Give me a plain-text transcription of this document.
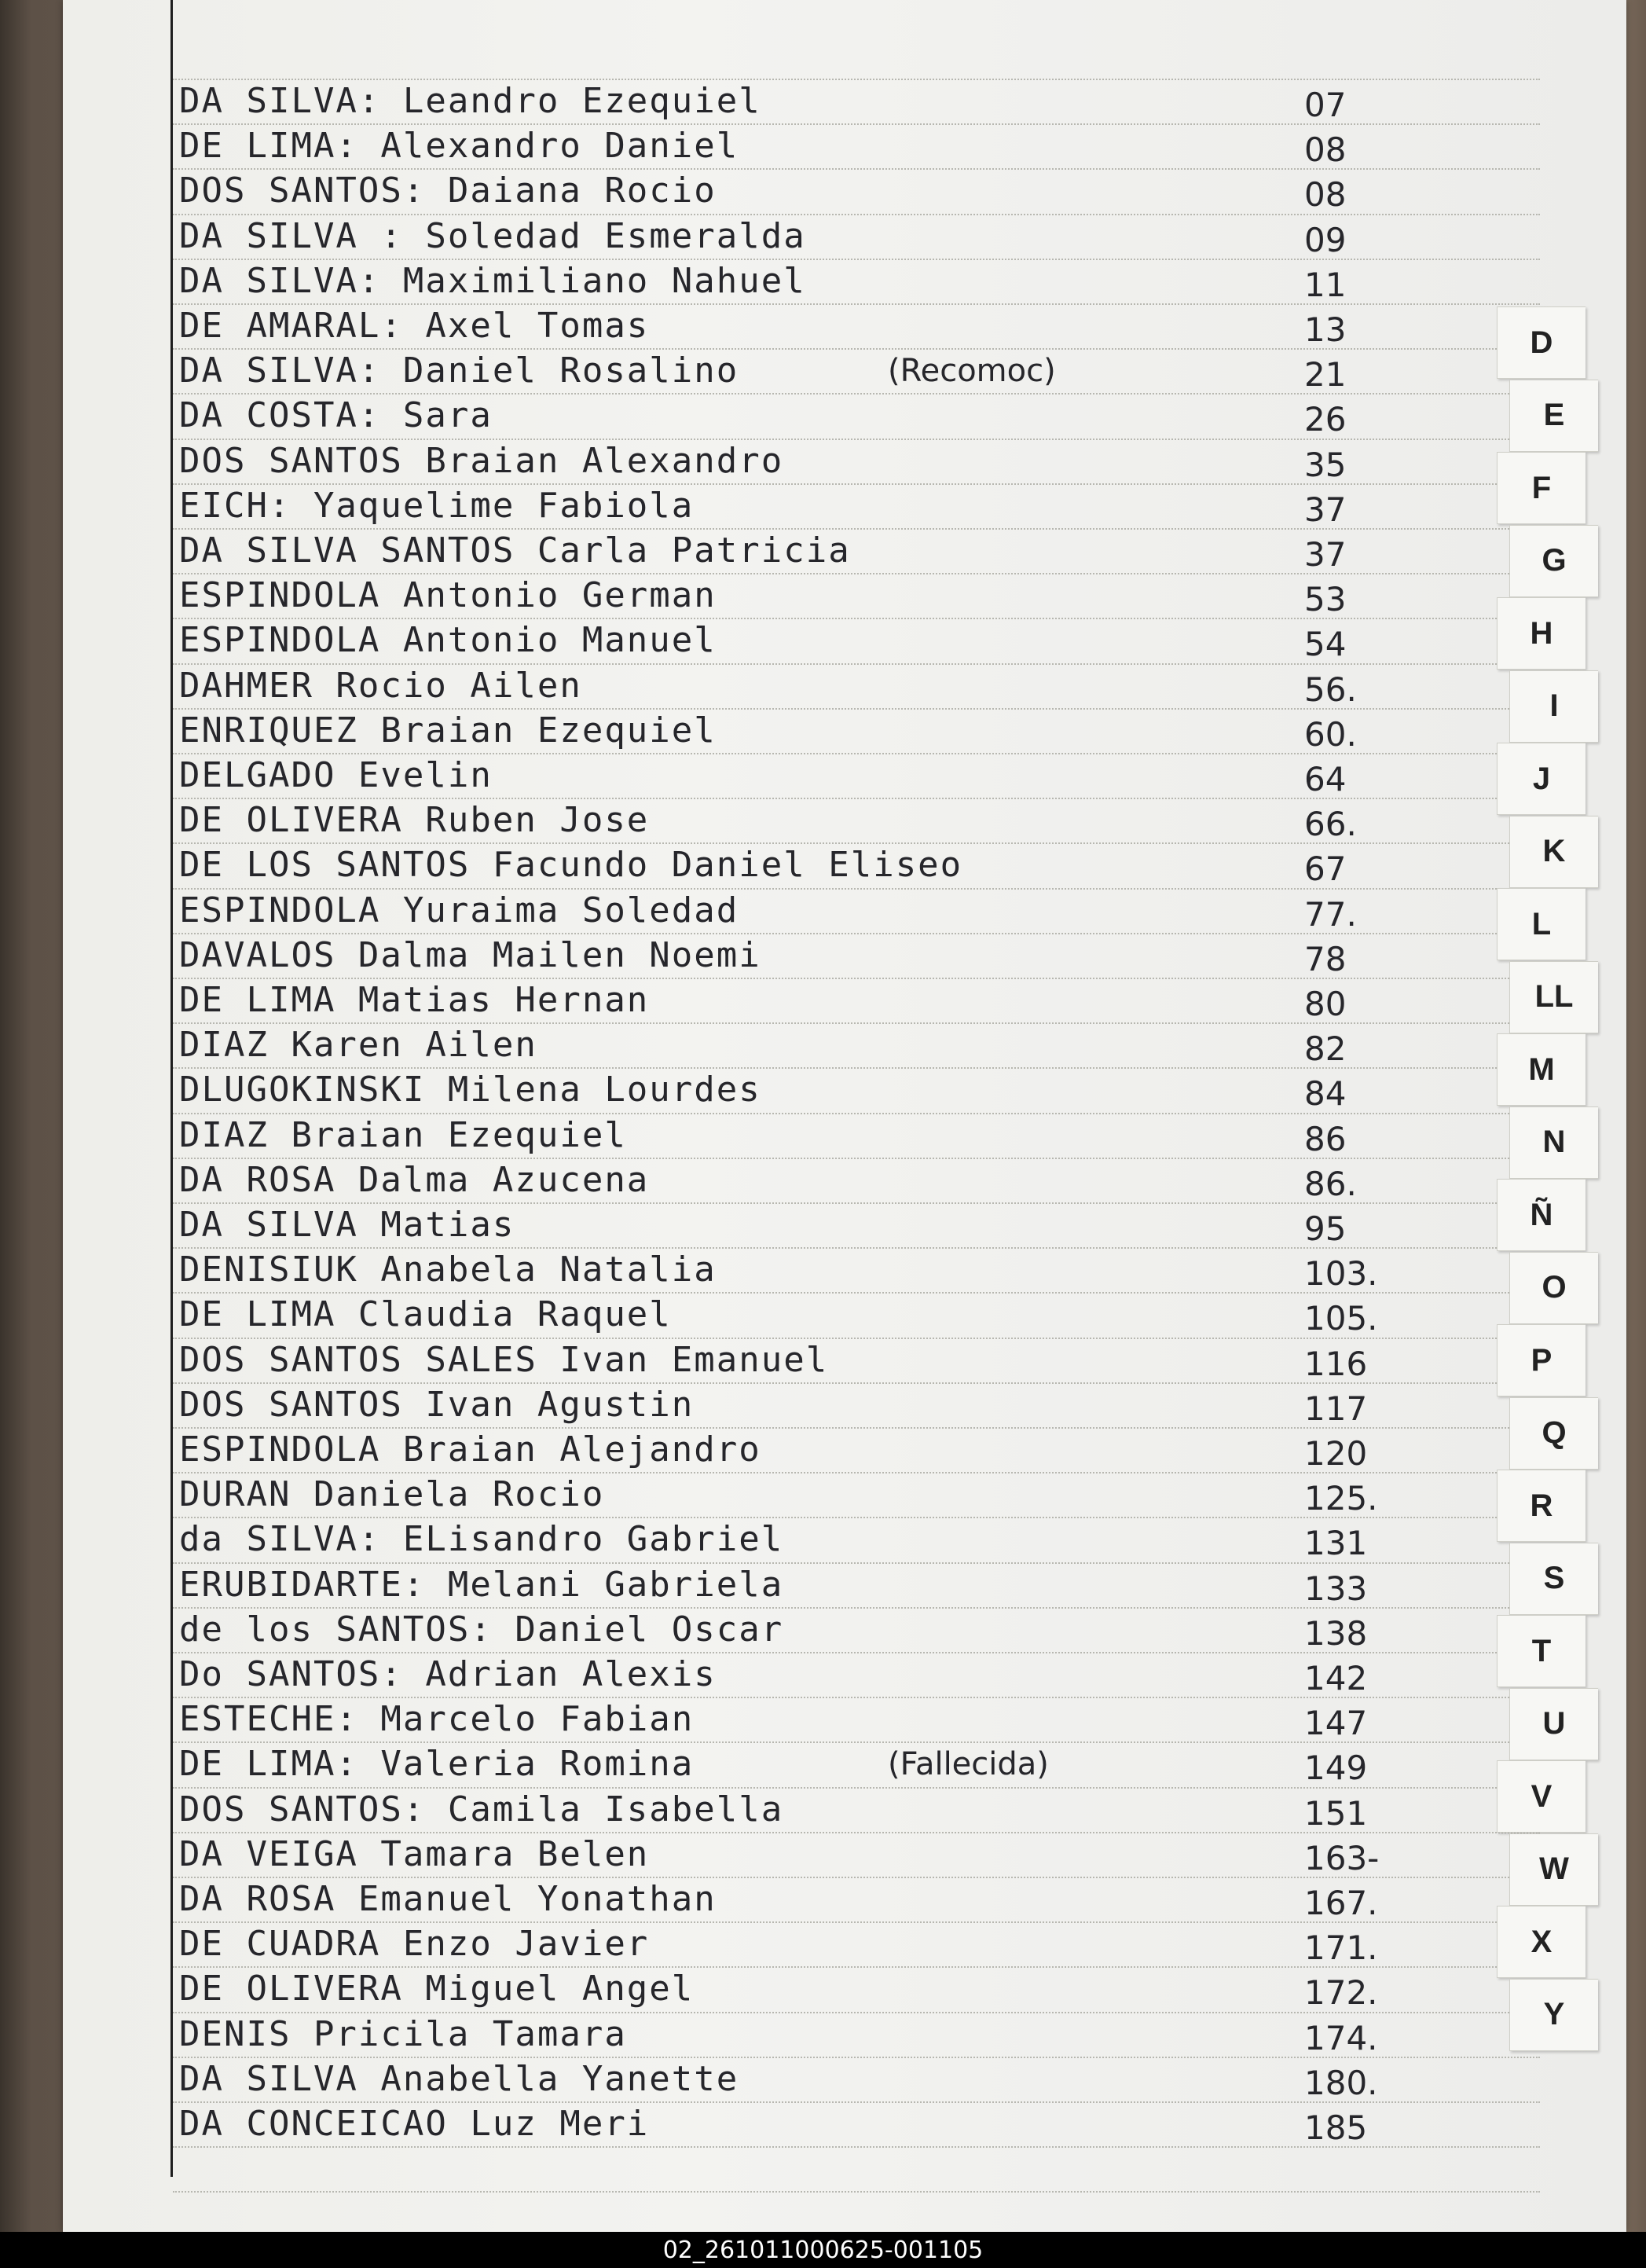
DA SILVA: Leandro Ezequiel	07
DE LIMA: Alexandro Daniel	08
DOS SANTOS: Daiana Rocio	08
DA SILVA : Soledad Esmeralda	09
DA SILVA: Maximiliano Nahuel	11
DE AMARAL: Axel Tomas	13
DA SILVA: Daniel Rosalino	(Recomoc)	21
DA COSTA: Sara	26
DOS SANTOS Braian Alexandro	35
EICH: Yaquelime Fabiola	37
DA SILVA SANTOS Carla Patricia	37
ESPINDOLA Antonio German	53
ESPINDOLA Antonio Manuel	54
DAHMER Rocio Ailen	56.
ENRIQUEZ Braian Ezequiel	60.
DELGADO Evelin	64
DE OLIVERA Ruben Jose	66.
DE LOS SANTOS Facundo Daniel Eliseo	67
ESPINDOLA Yuraima Soledad	77.
DAVALOS Dalma Mailen Noemi	78
DE LIMA Matias Hernan	80
DIAZ Karen Ailen	82
DLUGOKINSKI Milena Lourdes	84
DIAZ Braian Ezequiel	86
DA ROSA Dalma Azucena	86.
DA SILVA Matias	95
DENISIUK Anabela Natalia	103.
DE LIMA Claudia Raquel	105.
DOS SANTOS SALES Ivan Emanuel	116
DOS SANTOS Ivan Agustin	117
ESPINDOLA Braian Alejandro	120
DURAN Daniela Rocio	125.
da SILVA: ELisandro Gabriel	131
ERUBIDARTE: Melani Gabriela	133
de los SANTOS: Daniel Oscar	138
Do SANTOS: Adrian Alexis	142
ESTECHE: Marcelo Fabian	147
DE LIMA: Valeria Romina	(Fallecida)	149
DOS SANTOS: Camila Isabella	151
DA VEIGA Tamara Belen	163-
DA ROSA Emanuel Yonathan	167.
DE CUADRA Enzo Javier	171.
DE OLIVERA Miguel Angel	172.
DENIS Pricila Tamara	174.
DA SILVA Anabella Yanette	180.
DA CONCEICAO Luz Meri	185
D
E
F
G
H
I
J
K
L
LL
M
N
Ñ
O
P
Q
R
S
T
U
V
W
X
Y
02_261011000625-001105
